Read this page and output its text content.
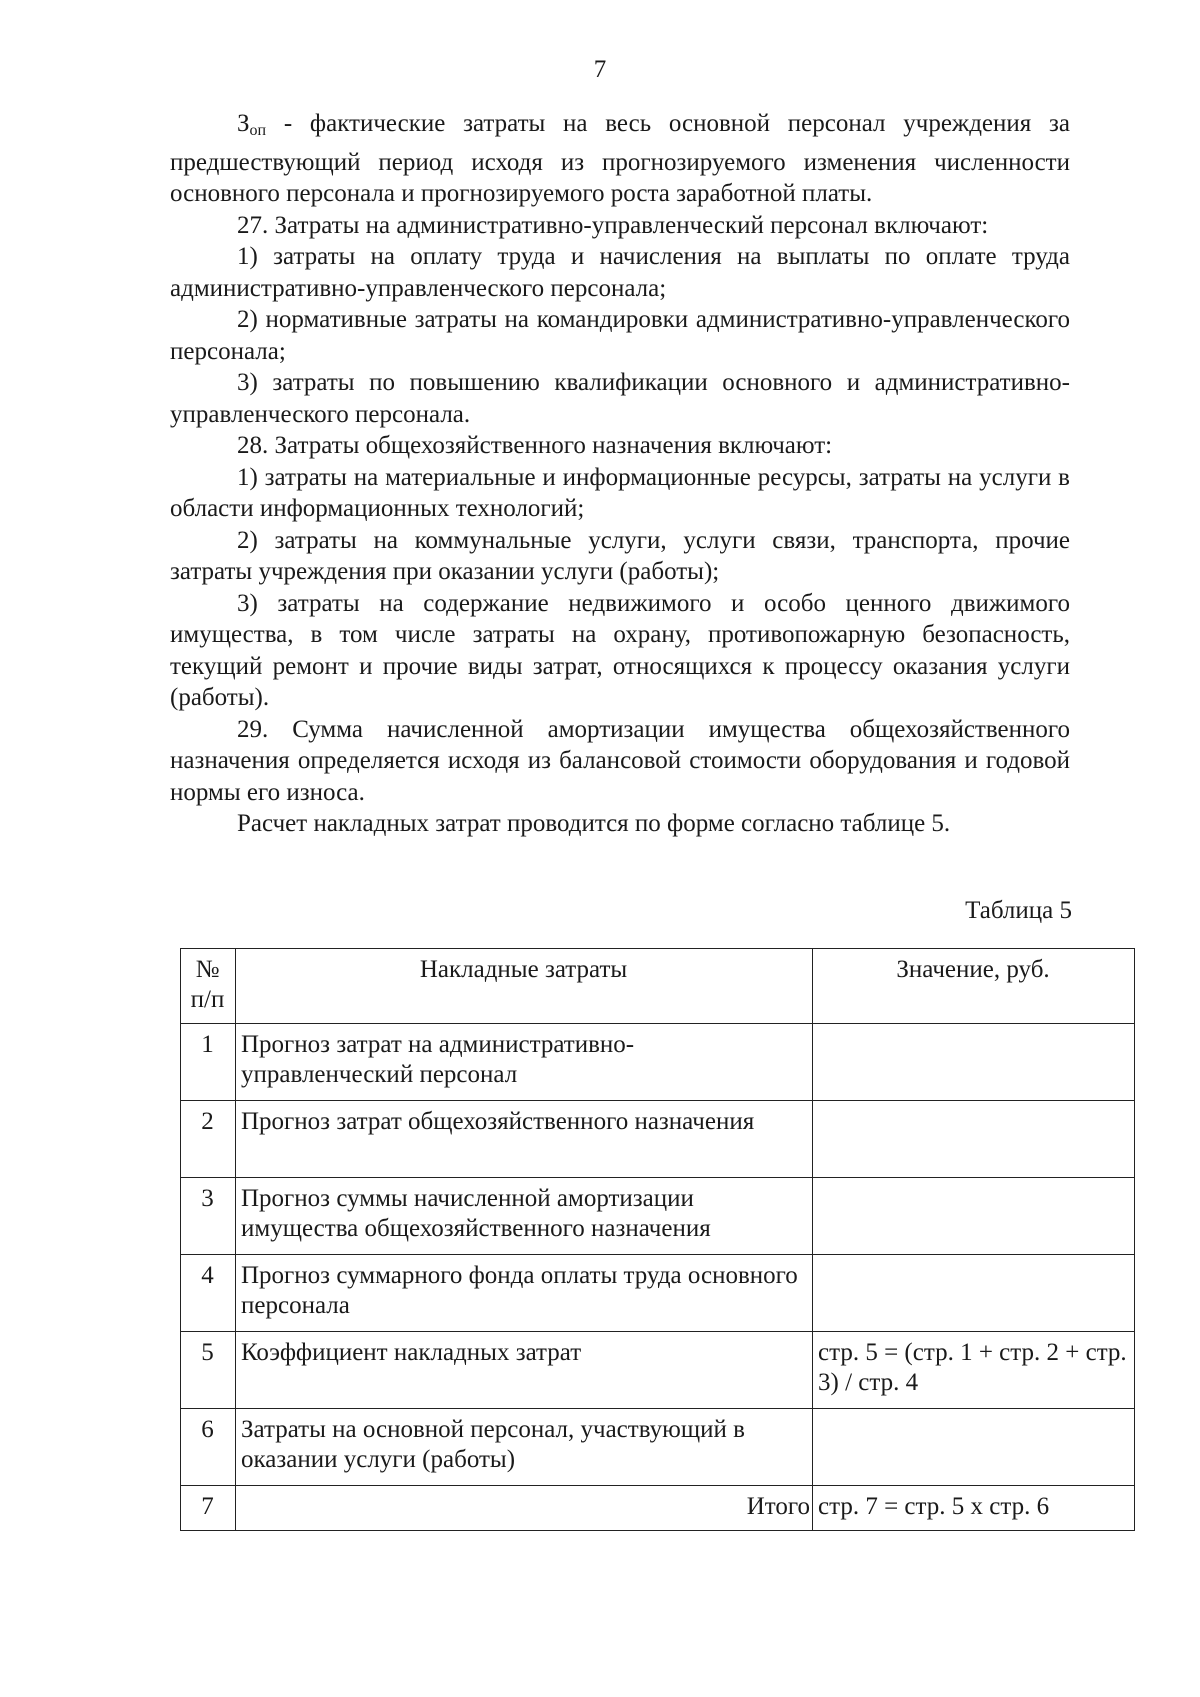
7

$З_{оп}$ - фактические затраты на весь основной персонал учреждения за предшествующий период исходя из прогнозируемого изменения численности основного персонала и прогнозируемого роста заработной платы.

27. Затраты на административно-управленческий персонал включают:

1) затраты на оплату труда и начисления на выплаты по оплате труда административно-управленческого персонала;

2) нормативные затраты на командировки административно-управленческого персонала;

3) затраты по повышению квалификации основного и административно-управленческого персонала.

28. Затраты общехозяйственного назначения включают:

1) затраты на материальные и информационные ресурсы, затраты на услуги в области информационных технологий;

2) затраты на коммунальные услуги, услуги связи, транспорта, прочие затраты учреждения при оказании услуги (работы);

3) затраты на содержание недвижимого и особо ценного движимого имущества, в том числе затраты на охрану, противопожарную безопасность, текущий ремонт и прочие виды затрат, относящихся к процессу оказания услуги (работы).

29. Сумма начисленной амортизации имущества общехозяйственного назначения определяется исходя из балансовой стоимости оборудования и годовой нормы его износа.

Расчет накладных затрат проводится по форме согласно таблице 5.

Таблица 5
№ п/п	Накладные затраты	Значение, руб.
1	Прогноз затрат на административно-управленческий персонал	
2	Прогноз затрат общехозяйственного назначения	
3	Прогноз суммы начисленной амортизации имущества общехозяйственного назначения	
4	Прогноз суммарного фонда оплаты труда основного персонала	
5	Коэффициент накладных затрат	стр. 5 = (стр. 1 + стр. 2 + стр. 3) / стр. 4
6	Затраты на основной персонал, участвующий в оказании услуги (работы)	
7	Итого	стр. 7 = стр. 5 х стр. 6
